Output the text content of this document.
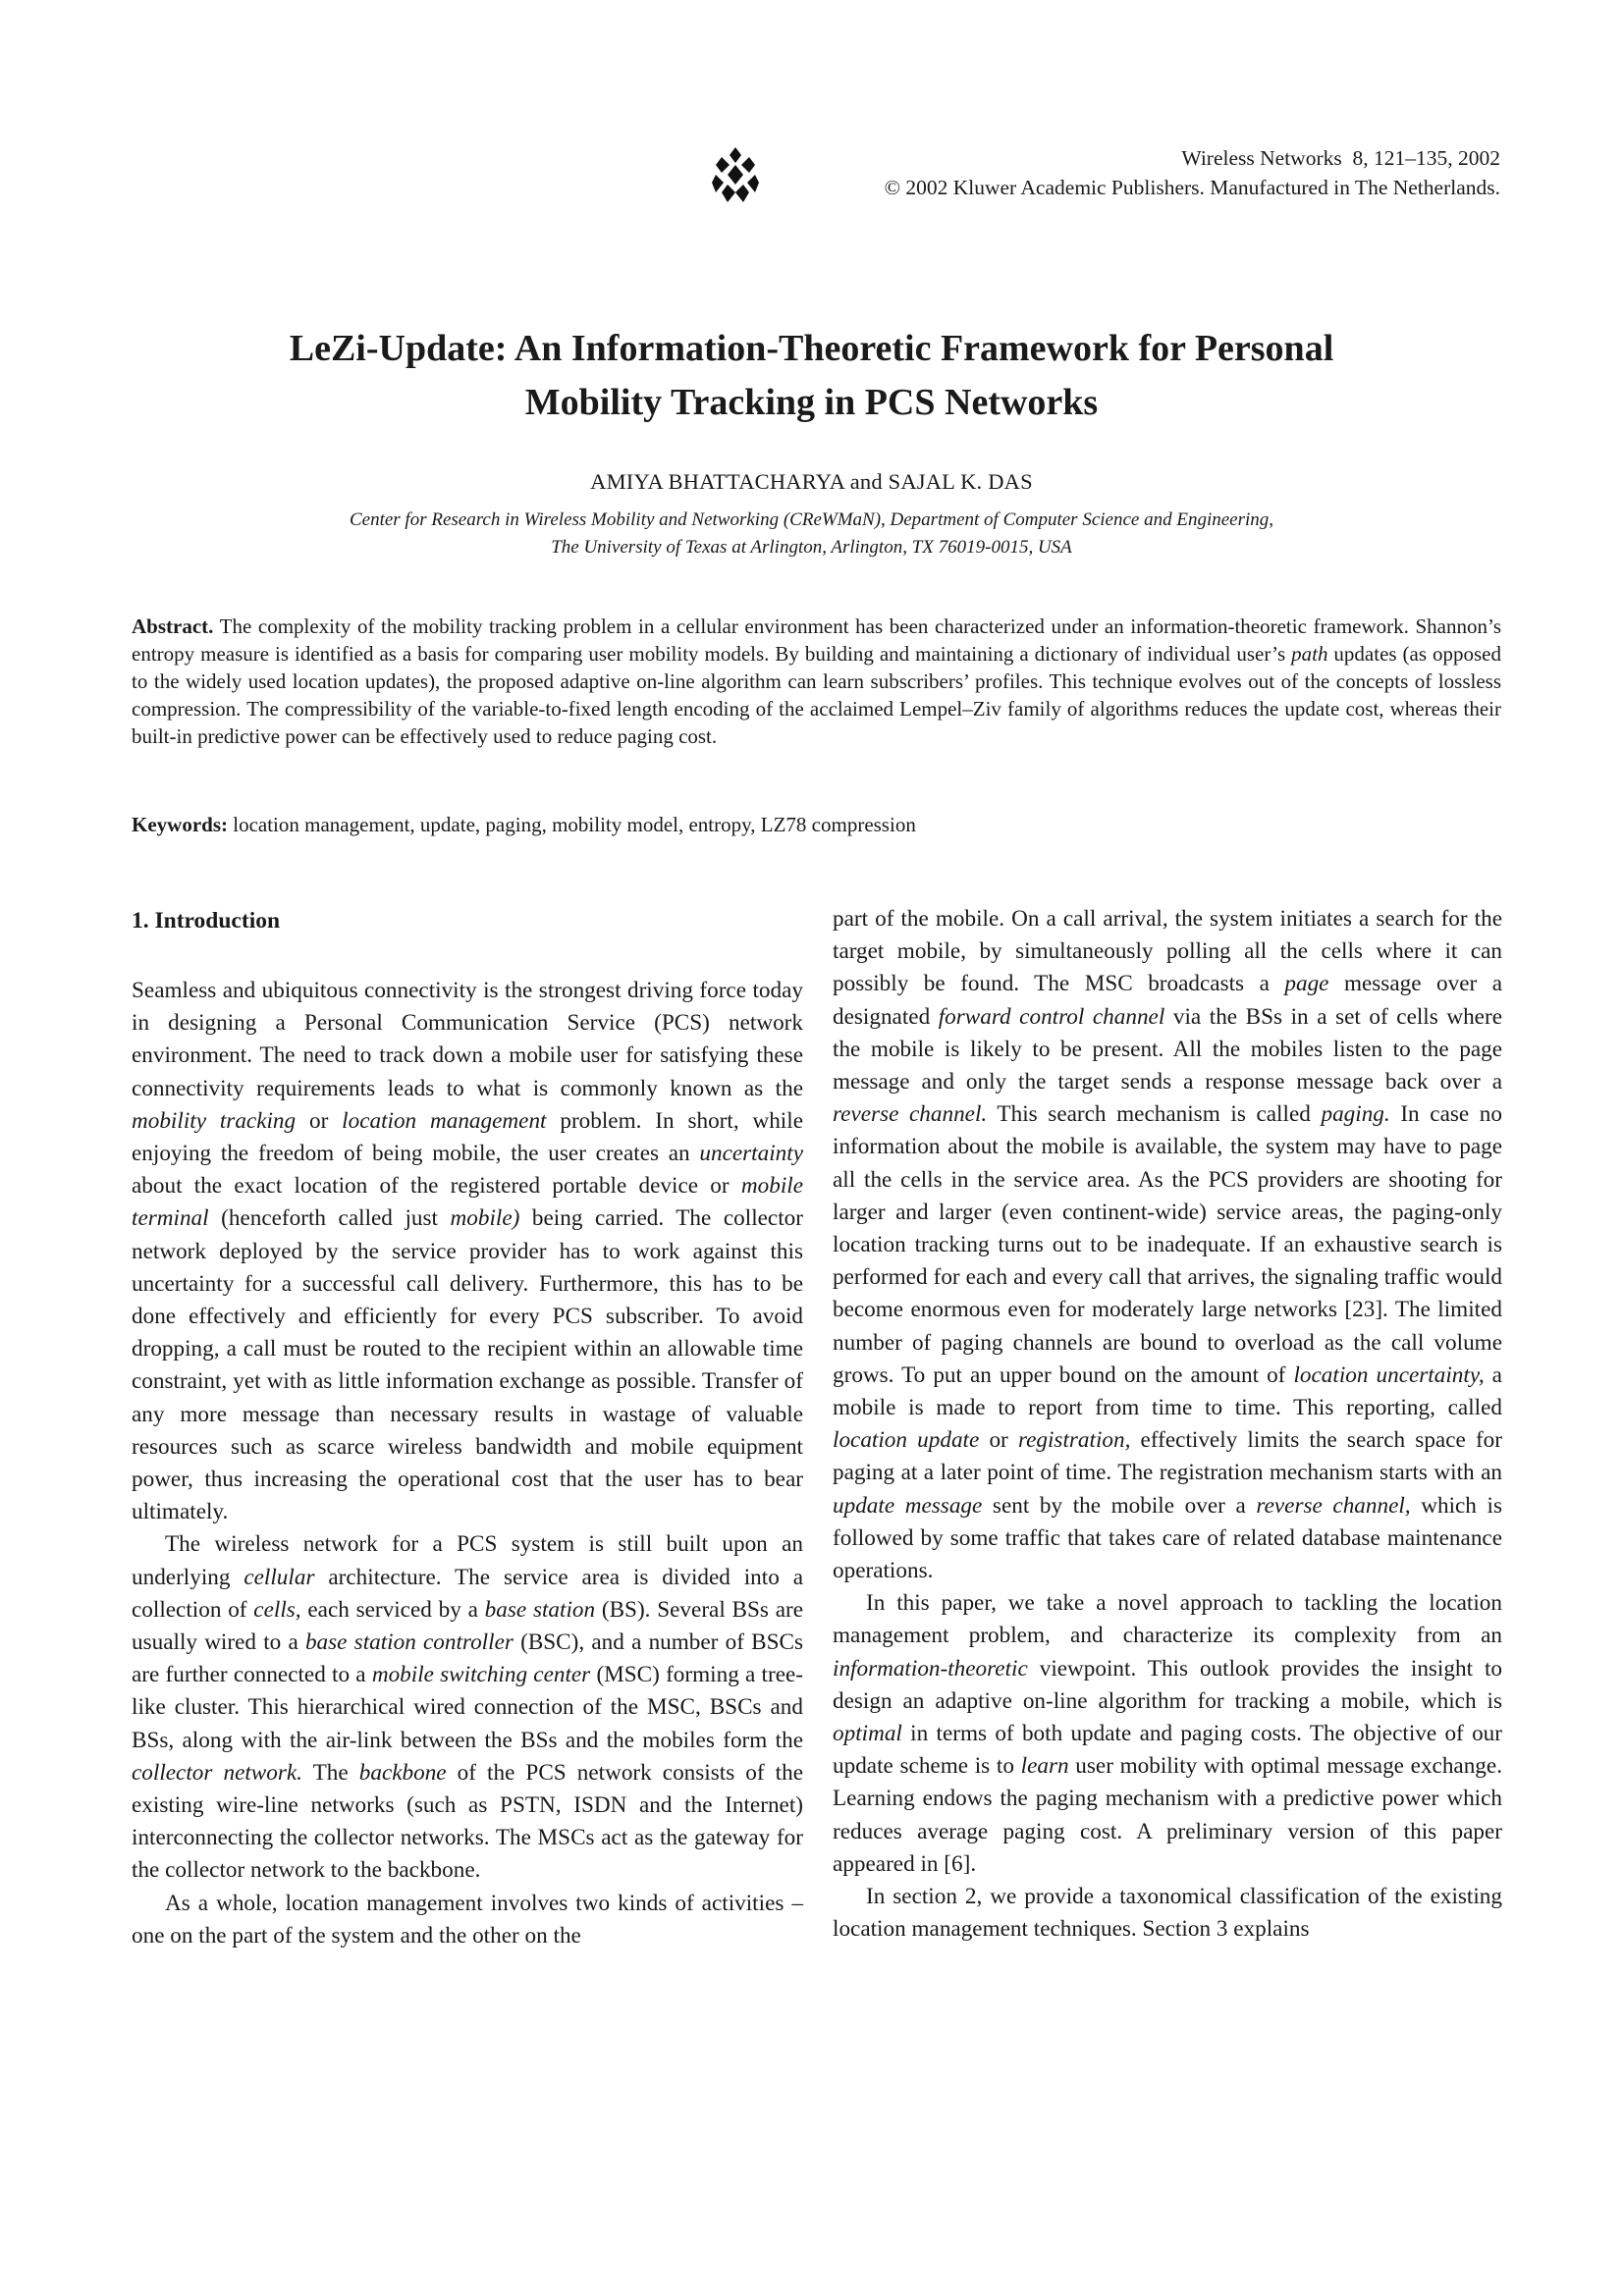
Wireless Networks  8, 121–135, 2002
© 2002 Kluwer Academic Publishers. Manufactured in The Netherlands.
LeZi-Update: An Information-Theoretic Framework for Personal
Mobility Tracking in PCS Networks
AMIYA BHATTACHARYA and SAJAL K. DAS
Center for Research in Wireless Mobility and Networking (CReWMaN), Department of Computer Science and Engineering,
The University of Texas at Arlington, Arlington, TX 76019-0015, USA

Abstract. The complexity of the mobility tracking problem in a cellular environment has been characterized under an information-theoretic framework. Shannon’s entropy measure is identified as a basis for comparing user mobility models. By building and maintaining a dictionary of individual user’s path updates (as opposed to the widely used location updates), the proposed adaptive on-line algorithm can learn subscribers’ profiles. This technique evolves out of the concepts of lossless compression. The compressibility of the variable-to-fixed length encoding of the acclaimed Lempel–Ziv family of algorithms reduces the update cost, whereas their built-in predictive power can be effectively used to reduce paging cost.

Keywords: location management, update, paging, mobility model, entropy, LZ78 compression

1. Introduction

Seamless and ubiquitous connectivity is the strongest driving force today in designing a Personal Communication Service (PCS) network environment. The need to track down a mobile user for satisfying these connectivity requirements leads to what is commonly known as the mobility tracking or location management problem. In short, while enjoying the freedom of being mobile, the user creates an uncertainty about the exact location of the registered portable device or mobile terminal (henceforth called just mobile) being carried. The collector network deployed by the service provider has to work against this uncertainty for a successful call delivery. Furthermore, this has to be done effectively and efficiently for every PCS subscriber. To avoid dropping, a call must be routed to the recipient within an allowable time constraint, yet with as little information exchange as possible. Transfer of any more message than necessary results in wastage of valuable resources such as scarce wireless bandwidth and mobile equipment power, thus increasing the operational cost that the user has to bear ultimately.

The wireless network for a PCS system is still built upon an underlying cellular architecture. The service area is divided into a collection of cells, each serviced by a base station (BS). Several BSs are usually wired to a base station controller (BSC), and a number of BSCs are further connected to a mobile switching center (MSC) forming a tree-like cluster. This hierarchical wired connection of the MSC, BSCs and BSs, along with the air-link between the BSs and the mobiles form the collector network. The backbone of the PCS network consists of the existing wire-line networks (such as PSTN, ISDN and the Internet) interconnecting the collector networks. The MSCs act as the gateway for the collector network to the backbone.

As a whole, location management involves two kinds of activities – one on the part of the system and the other on the

part of the mobile. On a call arrival, the system initiates a search for the target mobile, by simultaneously polling all the cells where it can possibly be found. The MSC broadcasts a page message over a designated forward control channel via the BSs in a set of cells where the mobile is likely to be present. All the mobiles listen to the page message and only the target sends a response message back over a reverse channel. This search mechanism is called paging. In case no information about the mobile is available, the system may have to page all the cells in the service area. As the PCS providers are shooting for larger and larger (even continent-wide) service areas, the paging-only location tracking turns out to be inadequate. If an exhaustive search is performed for each and every call that arrives, the signaling traffic would become enormous even for moderately large networks [23]. The limited number of paging channels are bound to overload as the call volume grows. To put an upper bound on the amount of location uncertainty, a mobile is made to report from time to time. This reporting, called location update or registration, effectively limits the search space for paging at a later point of time. The registration mechanism starts with an update message sent by the mobile over a reverse channel, which is followed by some traffic that takes care of related database maintenance operations.

In this paper, we take a novel approach to tackling the location management problem, and characterize its complexity from an information-theoretic viewpoint. This outlook provides the insight to design an adaptive on-line algorithm for tracking a mobile, which is optimal in terms of both update and paging costs. The objective of our update scheme is to learn user mobility with optimal message exchange. Learning endows the paging mechanism with a predictive power which reduces average paging cost. A preliminary version of this paper appeared in [6].

In section 2, we provide a taxonomical classification of the existing location management techniques. Section 3 explains
